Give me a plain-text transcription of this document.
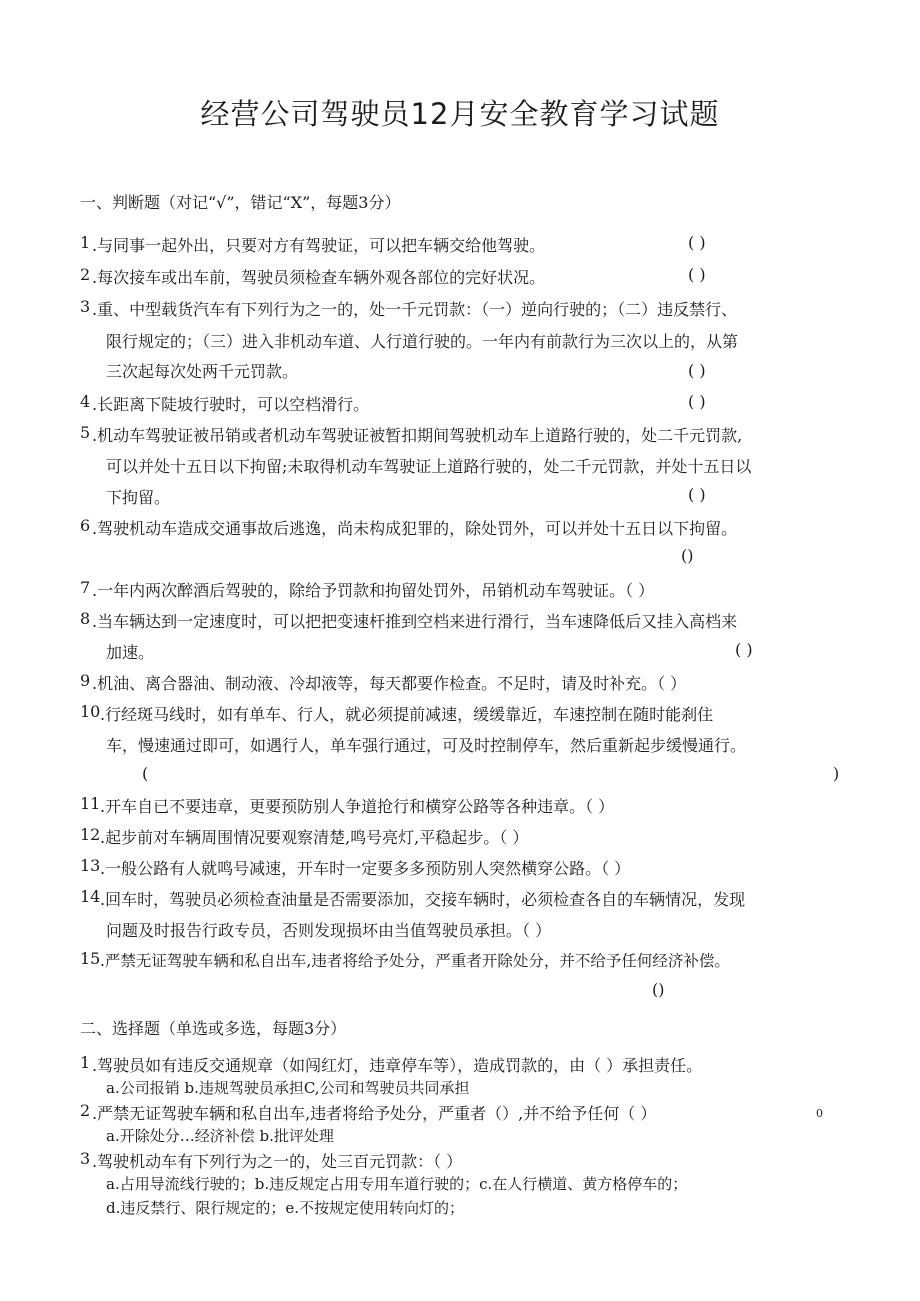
经营公司驾驶员12月安全教育学习试题
一、判断题（对记“√”，错记“X”，每题3分）
1 .与同事一起外出，只要对方有驾驶证，可以把车辆交给他驾驶。	( )
2 .每次接车或出车前，驾驶员须检查车辆外观各部位的完好状况。	( )
3 .重、中型载货汽车有下列行为之一的，处一千元罚款：（一）逆向行驶的；（二）违反禁行、
限行规定的；（三）进入非机动车道、人行道行驶的。一年内有前款行为三次以上的，从第
三次起每次处两千元罚款。	( )
4 .长距离下陡坡行驶时，可以空档滑行。	( )
5 .机动车驾驶证被吊销或者机动车驾驶证被暂扣期间驾驶机动车上道路行驶的，处二千元罚款,
可以并处十五日以下拘留;未取得机动车驾驶证上道路行驶的，处二千元罚款，并处十五日以
下拘留。	( )
6 .驾驶机动车造成交通事故后逃逸，尚未构成犯罪的，除处罚外，可以并处十五日以下拘留。
()
7 .一年内两次醉酒后驾驶的，除给予罚款和拘留处罚外，吊销机动车驾驶证。（ ）
8 .当车辆达到一定速度时，可以把把变速杆推到空档来进行滑行，当车速降低后又挂入高档来
加速。	( )
9 .机油、离合器油、制动液、冷却液等，每天都要作检查。不足时，请及时补充。（ ）
10 .行经斑马线时，如有单车、行人，就必须提前减速，缓缓靠近，车速控制在随时能刹住
车，慢速通过即可，如遇行人，单车强行通过，可及时控制停车，然后重新起步缓慢通行。
(	)
11 .开车自已不要违章，更要预防别人争道抢行和横穿公路等各种违章。（ ）
12 .起步前对车辆周围情况要观察清楚,鸣号亮灯,平稳起步。（ ）
13 .一般公路有人就鸣号减速，开车时一定要多多预防别人突然横穿公路。（ ）
14 .回车时，驾驶员必须检查油量是否需要添加，交接车辆时，必须检查各自的车辆情况，发现
问题及时报告行政专员，否则发现损坏由当值驾驶员承担。（ ）
15 .严禁无证驾驶车辆和私自出车,违者将给予处分，严重者开除处分，并不给予任何经济补偿。
()
二、选择题（单选或多选，每题3分）
1 .驾驶员如有违反交通规章（如闯红灯，违章停车等），造成罚款的，由（ ）承担责任。
a.公司报销 b.违规驾驶员承担C,公司和驾驶员共同承担
2 .严禁无证驾驶车辆和私自出车,违者将给予处分，严重者（）,并不给予任何（ ）	0
a.开除处分…经济补偿 b.批评处理
3 .驾驶机动车有下列行为之一的，处三百元罚款：（ ）
a.占用导流线行驶的；b.违反规定占用专用车道行驶的；c.在人行横道、黄方格停车的；
d.违反禁行、限行规定的；e.不按规定使用转向灯的；
